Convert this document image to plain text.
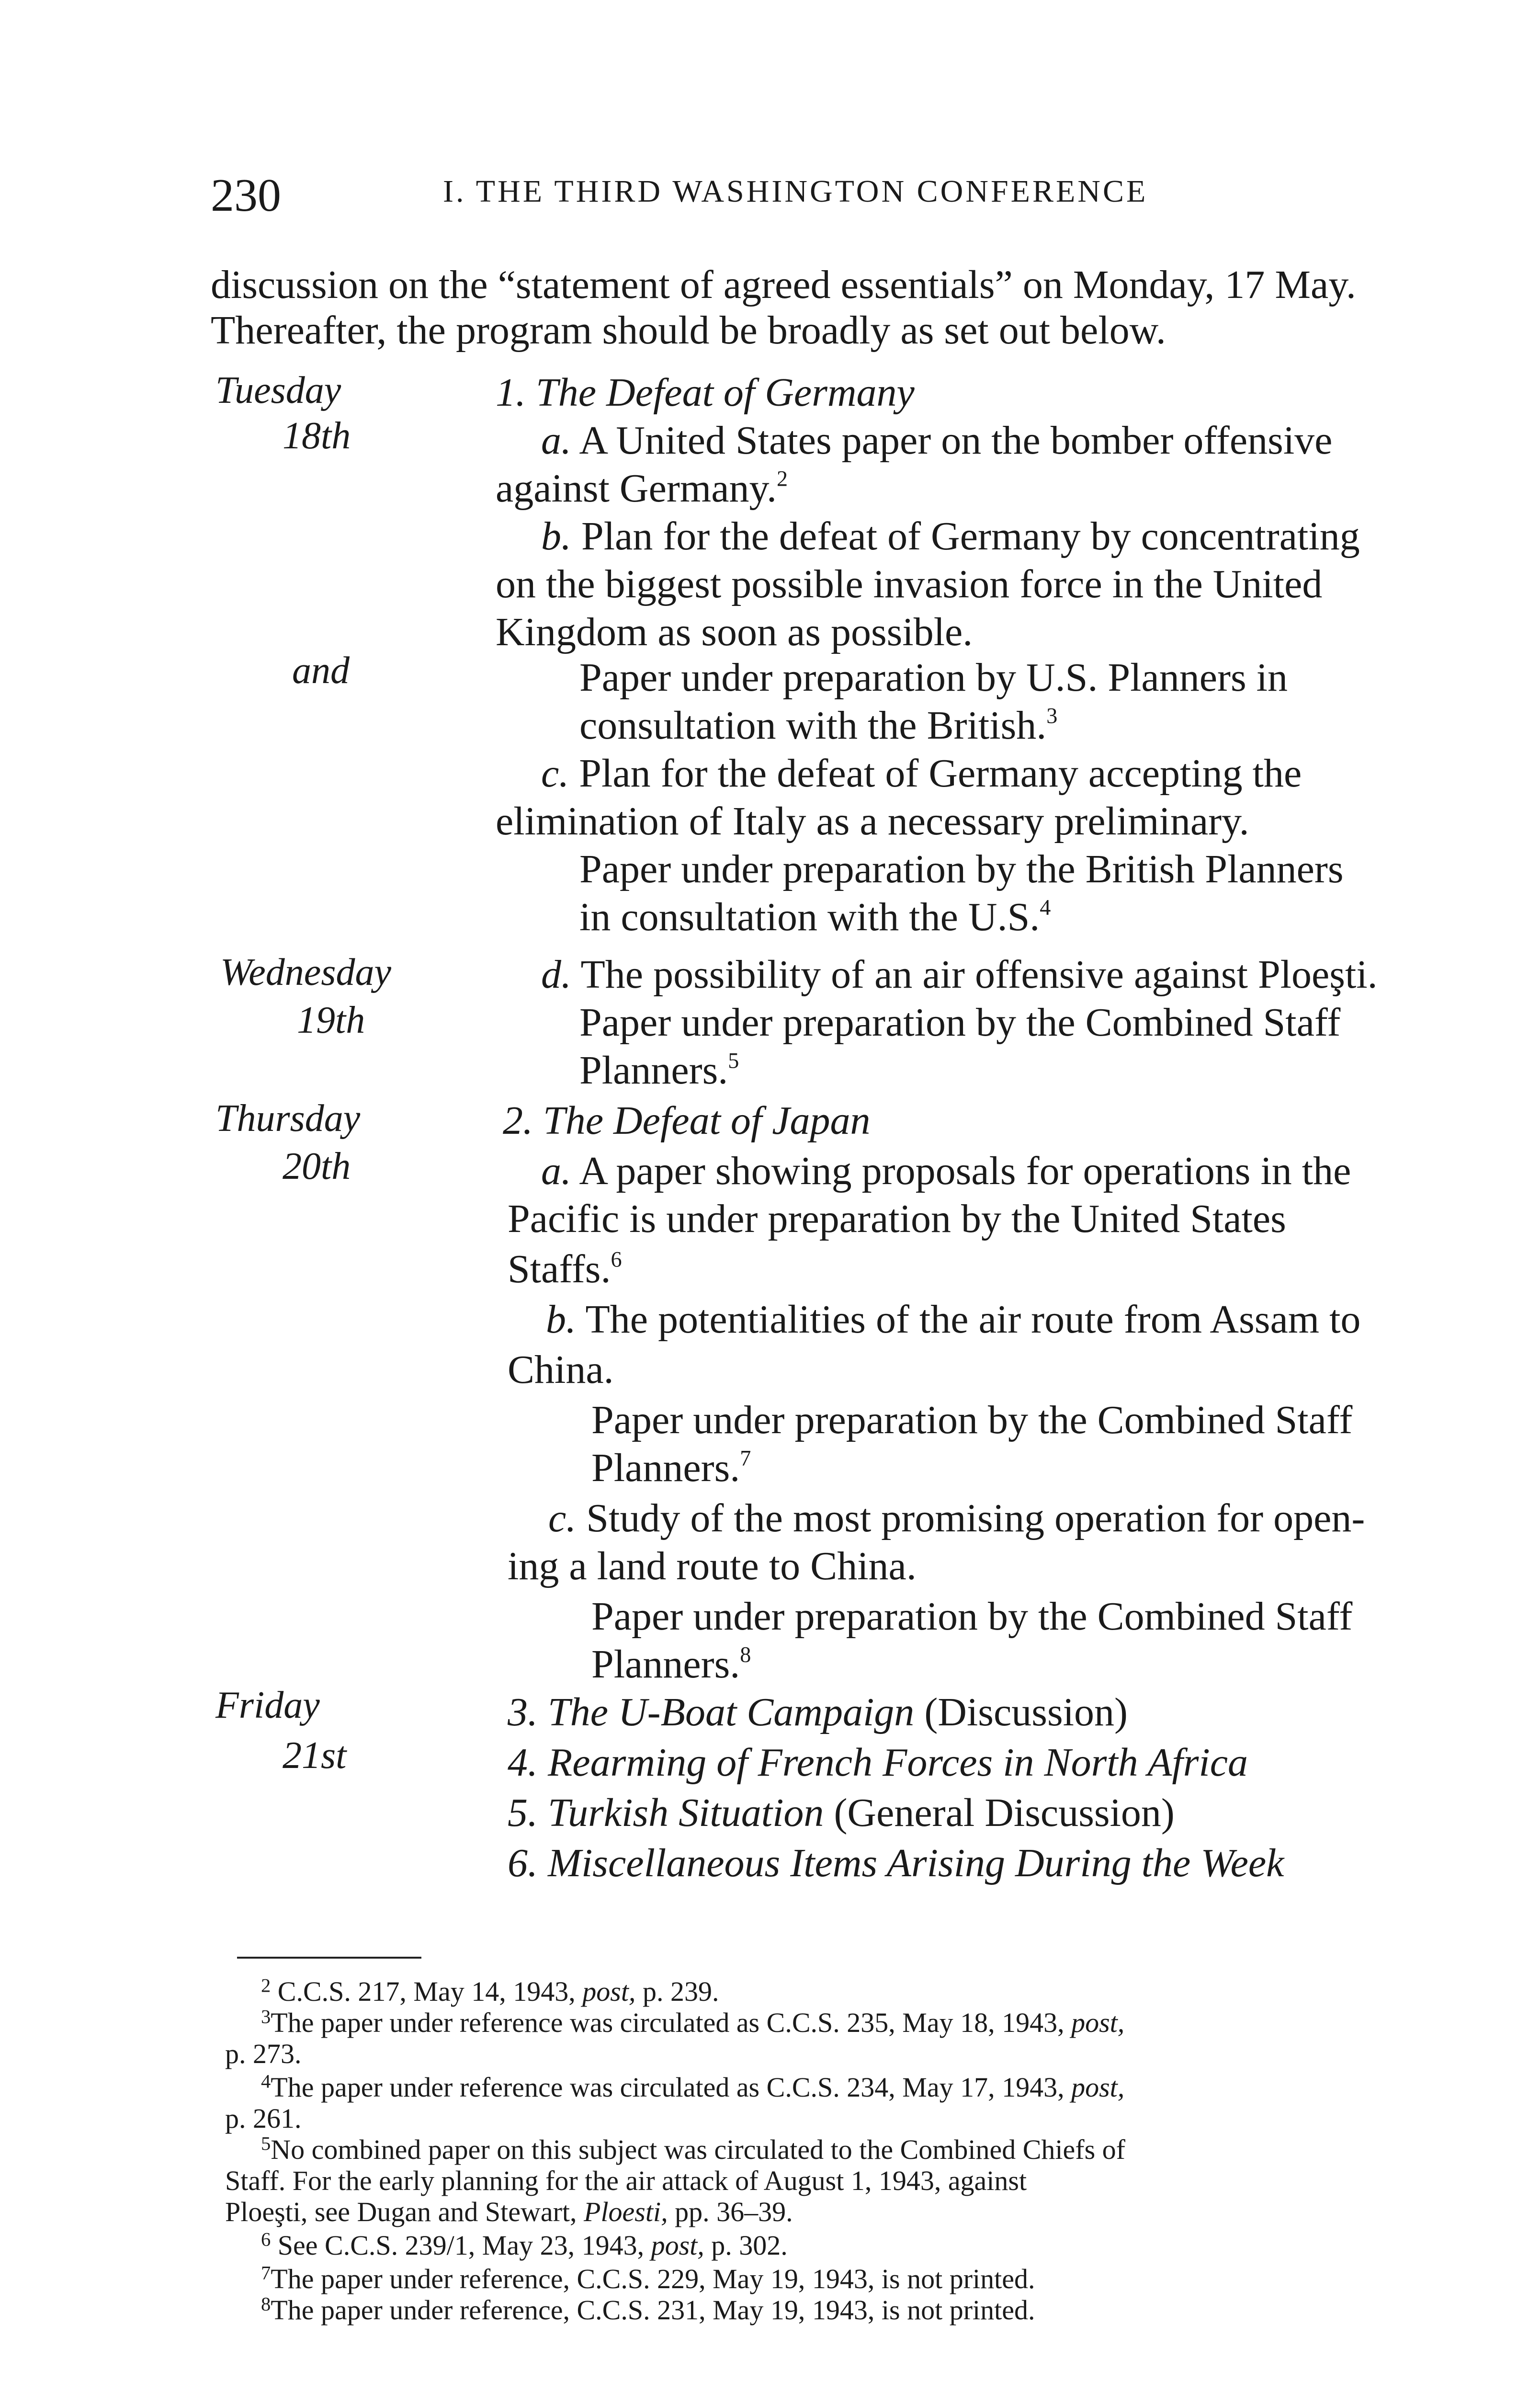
230	I. THE THIRD WASHINGTON CONFERENCE
discussion on the “statement of agreed essentials” on Monday, 17 May.
Thereafter, the program should be broadly as set out below.
Tuesday
18th
and
Wednesday
19th
Thursday
20th
Friday
21st
1. The Defeat of Germany
a. A United States paper on the bomber offensive
against Germany.$^2$
b. Plan for the defeat of Germany by concentrating
on the biggest possible invasion force in the United
Kingdom as soon as possible.
Paper under preparation by U.S. Planners in
consultation with the British.$^3$
c. Plan for the defeat of Germany accepting the
elimination of Italy as a necessary preliminary.
Paper under preparation by the British Planners
in consultation with the U.S.$^4$
d. The possibility of an air offensive against Ploeşti.
Paper under preparation by the Combined Staff
Planners.$^5$
2. The Defeat of Japan
a. A paper showing proposals for operations in the
Pacific is under preparation by the United States
Staffs.$^6$
b. The potentialities of the air route from Assam to
China.
Paper under preparation by the Combined Staff
Planners.$^7$
c. Study of the most promising operation for open-
ing a land route to China.
Paper under preparation by the Combined Staff
Planners.$^8$
3. The U-Boat Campaign (Discussion)
4. Rearming of French Forces in North Africa
5. Turkish Situation (General Discussion)
6. Miscellaneous Items Arising During the Week
$^2$ C.C.S. 217, May 14, 1943, post, p. 239.
$^3$The paper under reference was circulated as C.C.S. 235, May 18, 1943, post,
p. 273.
$^4$The paper under reference was circulated as C.C.S. 234, May 17, 1943, post,
p. 261.
$^5$No combined paper on this subject was circulated to the Combined Chiefs of
Staff. For the early planning for the air attack of August 1, 1943, against
Ploeşti, see Dugan and Stewart, Ploesti, pp. 36–39.
$^6$ See C.C.S. 239/1, May 23, 1943, post, p. 302.
$^7$The paper under reference, C.C.S. 229, May 19, 1943, is not printed.
$^8$The paper under reference, C.C.S. 231, May 19, 1943, is not printed.
